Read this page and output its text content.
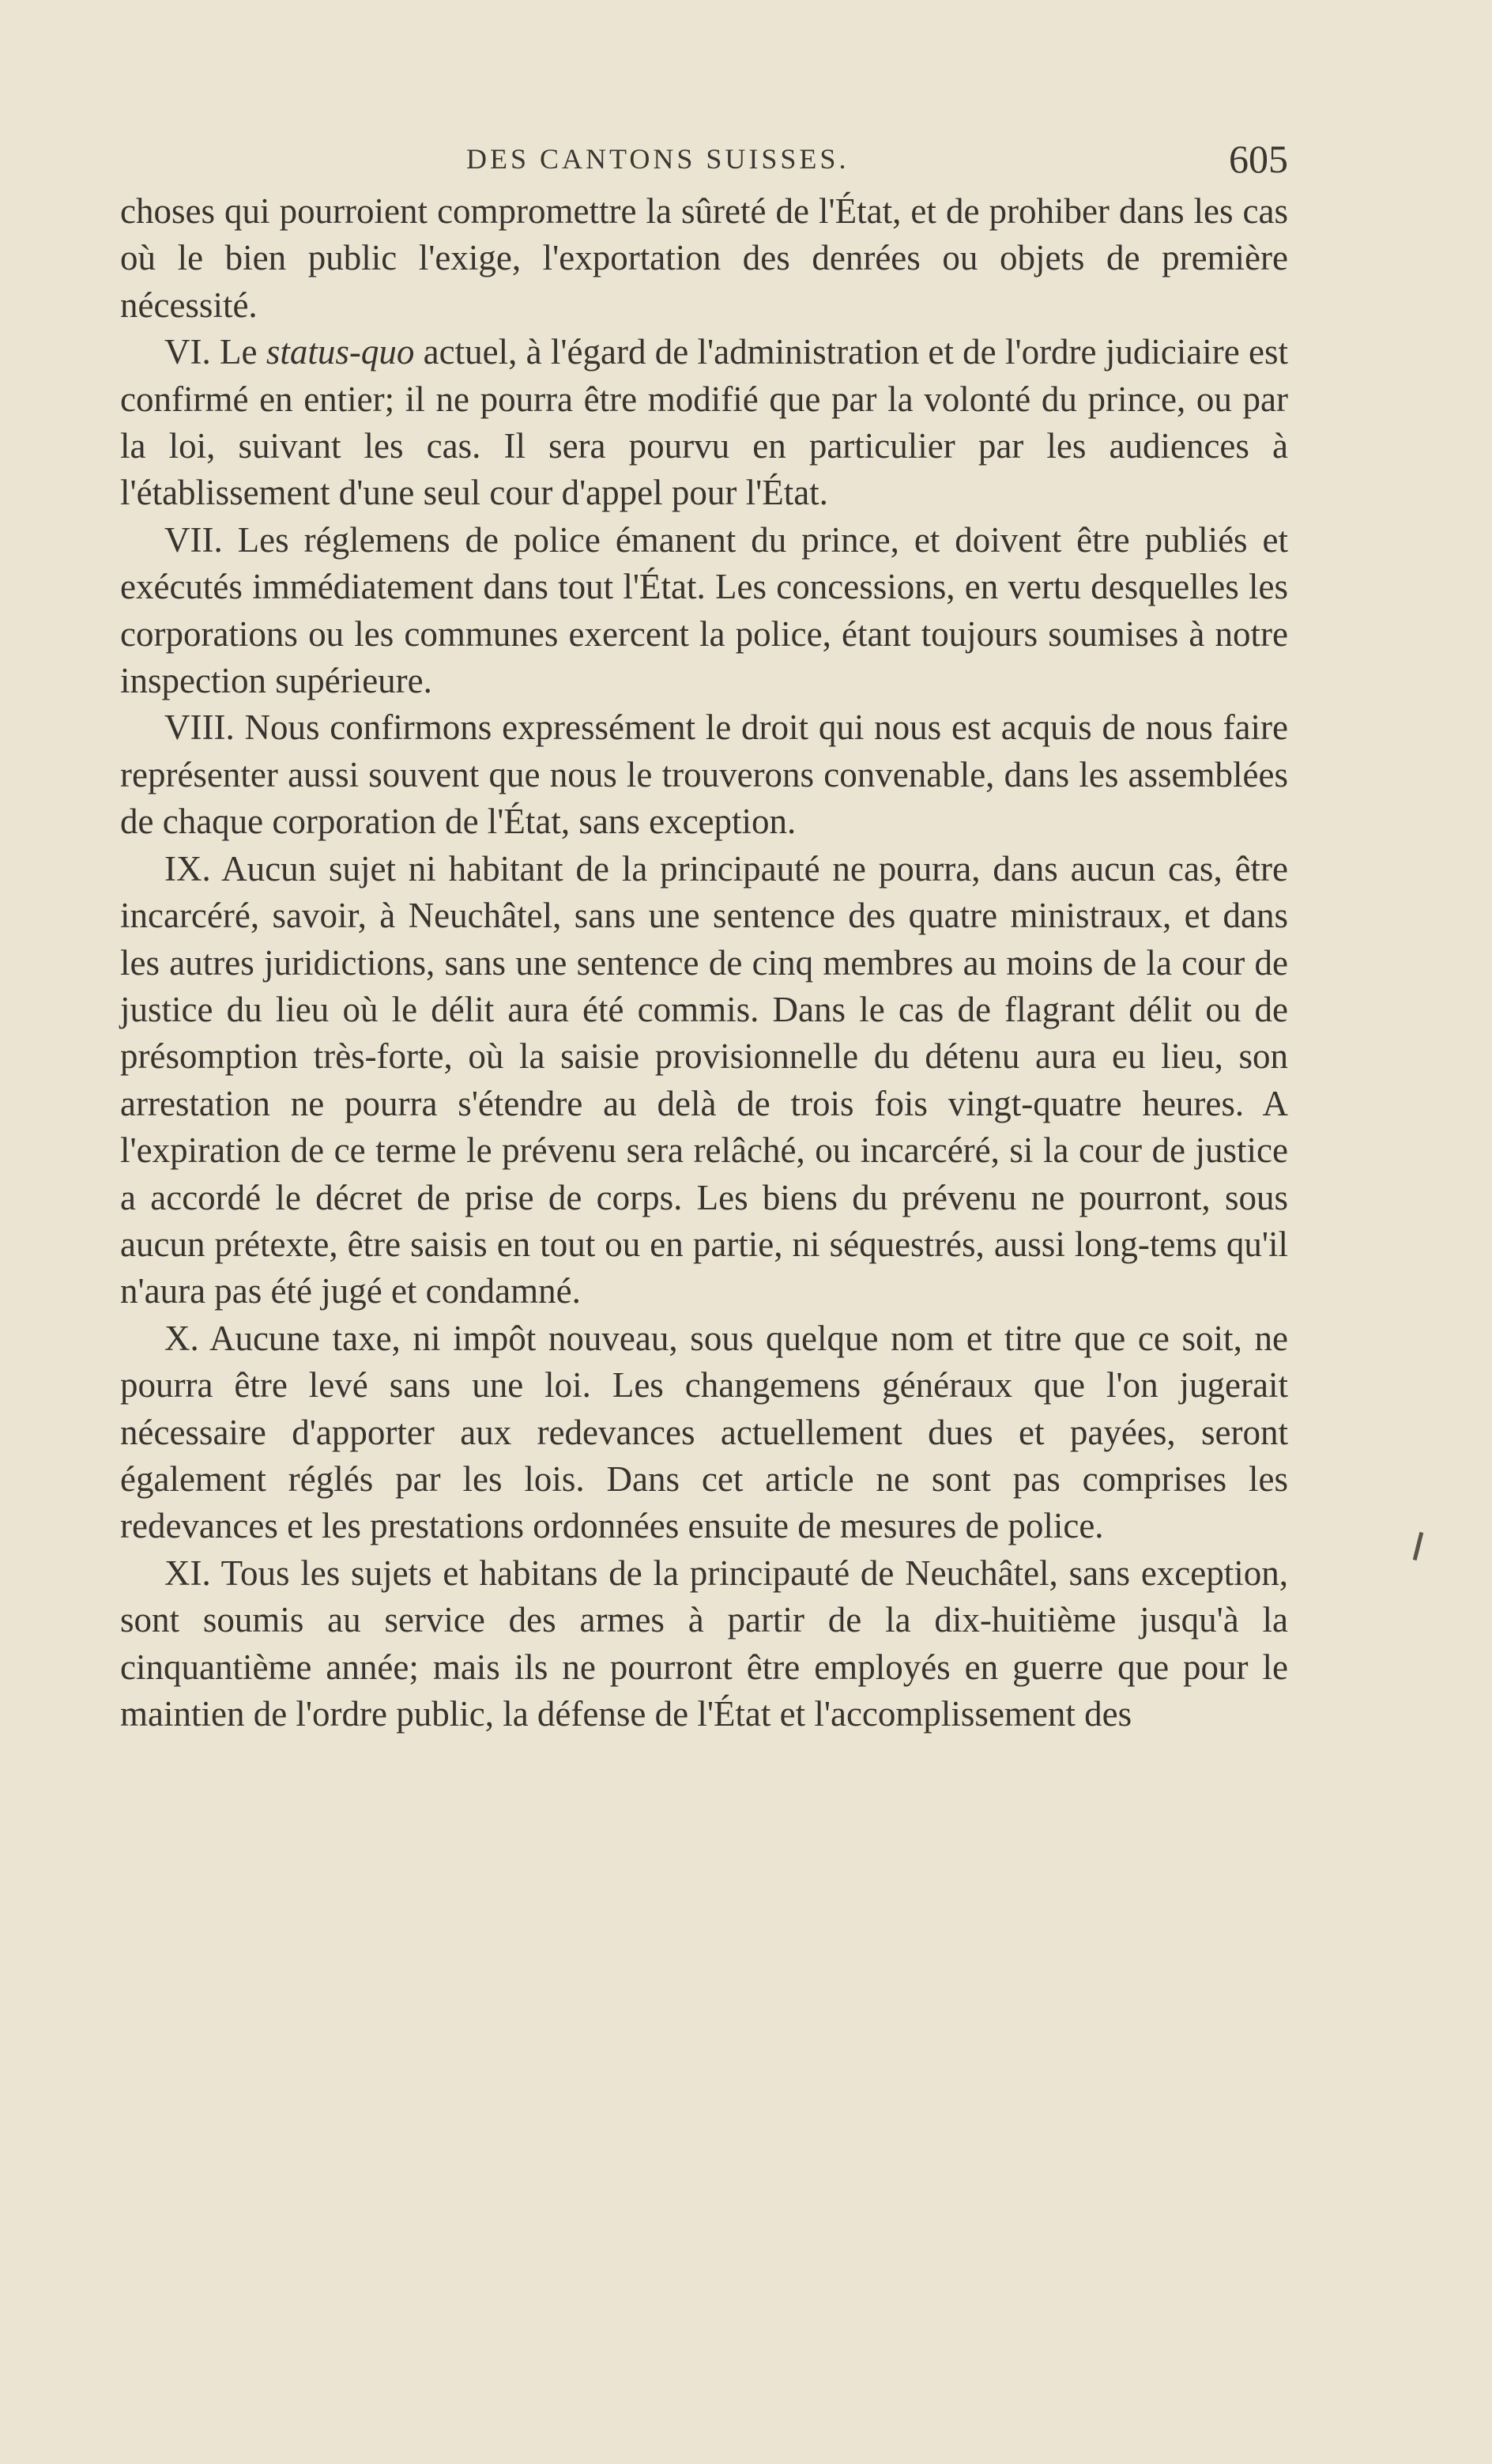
DES CANTONS SUISSES.	605

choses qui pourroient compromettre la sûreté de l'État, et de prohiber dans les cas où le bien public l'exige, l'exportation des denrées ou objets de première nécessité.

VI. Le status-quo actuel, à l'égard de l'administration et de l'ordre judiciaire est confirmé en entier; il ne pourra être modifié que par la volonté du prince, ou par la loi, suivant les cas. Il sera pourvu en particulier par les audiences à l'établissement d'une seul cour d'appel pour l'État.

VII. Les réglemens de police émanent du prince, et doivent être publiés et exécutés immédiatement dans tout l'État. Les concessions, en vertu desquelles les corporations ou les communes exercent la police, étant toujours soumises à notre inspection supérieure.

VIII. Nous confirmons expressément le droit qui nous est acquis de nous faire représenter aussi souvent que nous le trouverons convenable, dans les assemblées de chaque corporation de l'État, sans exception.

IX. Aucun sujet ni habitant de la principauté ne pourra, dans aucun cas, être incarcéré, savoir, à Neuchâtel, sans une sentence des quatre ministraux, et dans les autres juridictions, sans une sentence de cinq membres au moins de la cour de justice du lieu où le délit aura été commis. Dans le cas de flagrant délit ou de présomption très-forte, où la saisie provisionnelle du détenu aura eu lieu, son arrestation ne pourra s'étendre au delà de trois fois vingt-quatre heures. A l'expiration de ce terme le prévenu sera relâché, ou incarcéré, si la cour de justice a accordé le décret de prise de corps. Les biens du prévenu ne pourront, sous aucun prétexte, être saisis en tout ou en partie, ni séquestrés, aussi long-tems qu'il n'aura pas été jugé et condamné.

X. Aucune taxe, ni impôt nouveau, sous quelque nom et titre que ce soit, ne pourra être levé sans une loi. Les changemens généraux que l'on jugerait nécessaire d'apporter aux redevances actuellement dues et payées, seront également réglés par les lois. Dans cet article ne sont pas comprises les redevances et les prestations ordonnées ensuite de mesures de police.

XI. Tous les sujets et habitans de la principauté de Neuchâtel, sans exception, sont soumis au service des armes à partir de la dix-huitième jusqu'à la cinquantième année; mais ils ne pourront être employés en guerre que pour le maintien de l'ordre public, la défense de l'État et l'accomplissement des
